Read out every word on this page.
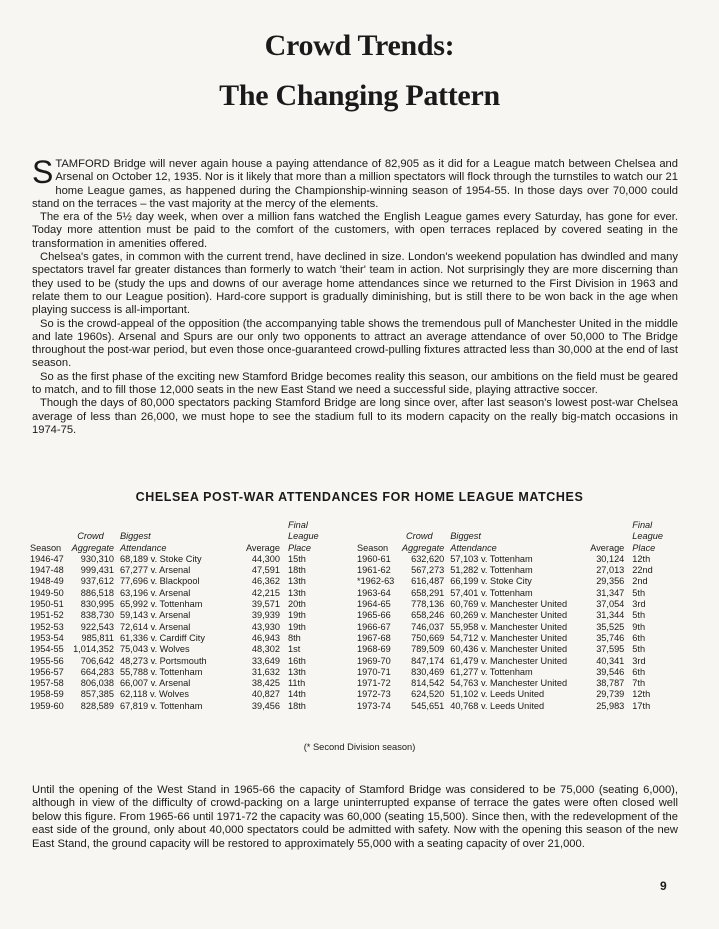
Crowd Trends:
The Changing Pattern

STAMFORD Bridge will never again house a paying attendance of 82,905 as it did for a League match between Chelsea and Arsenal on October 12, 1935. Nor is it likely that more than a million spectators will flock through the turnstiles to watch our 21 home League games, as happened during the Championship-winning season of 1954-55. In those days over 70,000 could stand on the terraces – the vast majority at the mercy of the elements.

The era of the 5½ day week, when over a million fans watched the English League games every Saturday, has gone for ever. Today more attention must be paid to the comfort of the customers, with open terraces replaced by covered seating in the transformation in amenities offered.

Chelsea's gates, in common with the current trend, have declined in size. London's weekend population has dwindled and many spectators travel far greater distances than formerly to watch 'their' team in action. Not surprisingly they are more discerning than they used to be (study the ups and downs of our average home attendances since we returned to the First Division in 1963 and relate them to our League position). Hard-core support is gradually diminishing, but is still there to be won back in the age when playing success is all-important.

So is the crowd-appeal of the opposition (the accompanying table shows the tremendous pull of Manchester United in the middle and late 1960s). Arsenal and Spurs are our only two opponents to attract an average attendance of over 50,000 to The Bridge throughout the post-war period, but even those once-guaranteed crowd-pulling fixtures attracted less than 30,000 at the end of last season.

So as the first phase of the exciting new Stamford Bridge becomes reality this season, our ambitions on the field must be geared to match, and to fill those 12,000 seats in the new East Stand we need a successful side, playing attractive soccer.

Though the days of 80,000 spectators packing Stamford Bridge are long since over, after last season's lowest post-war Chelsea average of less than 26,000, we must hope to see the stadium full to its modern capacity on the really big-match occasions in 1974-75.

CHELSEA POST-WAR ATTENDANCES FOR HOME LEAGUE MATCHES
				Final
	Crowd	Biggest		League
Season	Aggregate	Attendance	Average	Place
1946-47	930,310	68,189 v. Stoke City	44,300	15th
1947-48	999,431	67,277 v. Arsenal	47,591	18th
1948-49	937,612	77,696 v. Blackpool	46,362	13th
1949-50	886,518	63,196 v. Arsenal	42,215	13th
1950-51	830,995	65,992 v. Tottenham	39,571	20th
1951-52	838,730	59,143 v. Arsenal	39,939	19th
1952-53	922,543	72,614 v. Arsenal	43,930	19th
1953-54	985,811	61,336 v. Cardiff City	46,943	8th
1954-55	1,014,352	75,043 v. Wolves	48,302	1st
1955-56	706,642	48,273 v. Portsmouth	33,649	16th
1956-57	664,283	55,788 v. Tottenham	31,632	13th
1957-58	806,038	66,007 v. Arsenal	38,425	11th
1958-59	857,385	62,118 v. Wolves	40,827	14th
1959-60	828,589	67,819 v. Tottenham	39,456	18th
				Final
	Crowd	Biggest		League
Season	Aggregate	Attendance	Average	Place
1960-61	632,620	57,103 v. Tottenham	30,124	12th
1961-62	567,273	51,282 v. Tottenham	27,013	22nd
*1962-63	616,487	66,199 v. Stoke City	29,356	2nd
1963-64	658,291	57,401 v. Tottenham	31,347	5th
1964-65	778,136	60,769 v. Manchester United	37,054	3rd
1965-66	658,246	60,269 v. Manchester United	31,344	5th
1966-67	746,037	55,958 v. Manchester United	35,525	9th
1967-68	750,669	54,712 v. Manchester United	35,746	6th
1968-69	789,509	60,436 v. Manchester United	37,595	5th
1969-70	847,174	61,479 v. Manchester United	40,341	3rd
1970-71	830,469	61,277 v. Tottenham	39,546	6th
1971-72	814,542	54,763 v. Manchester United	38,787	7th
1972-73	624,520	51,102 v. Leeds United	29,739	12th
1973-74	545,651	40,768 v. Leeds United	25,983	17th
(* Second Division season)

Until the opening of the West Stand in 1965-66 the capacity of Stamford Bridge was considered to be 75,000 (seating 6,000), although in view of the difficulty of crowd-packing on a large uninterrupted expanse of terrace the gates were often closed well below this figure. From 1965-66 until 1971-72 the capacity was 60,000 (seating 15,500). Since then, with the redevelopment of the east side of the ground, only about 40,000 spectators could be admitted with safety. Now with the opening this season of the new East Stand, the ground capacity will be restored to approximately 55,000 with a seating capacity of over 21,000.

9
